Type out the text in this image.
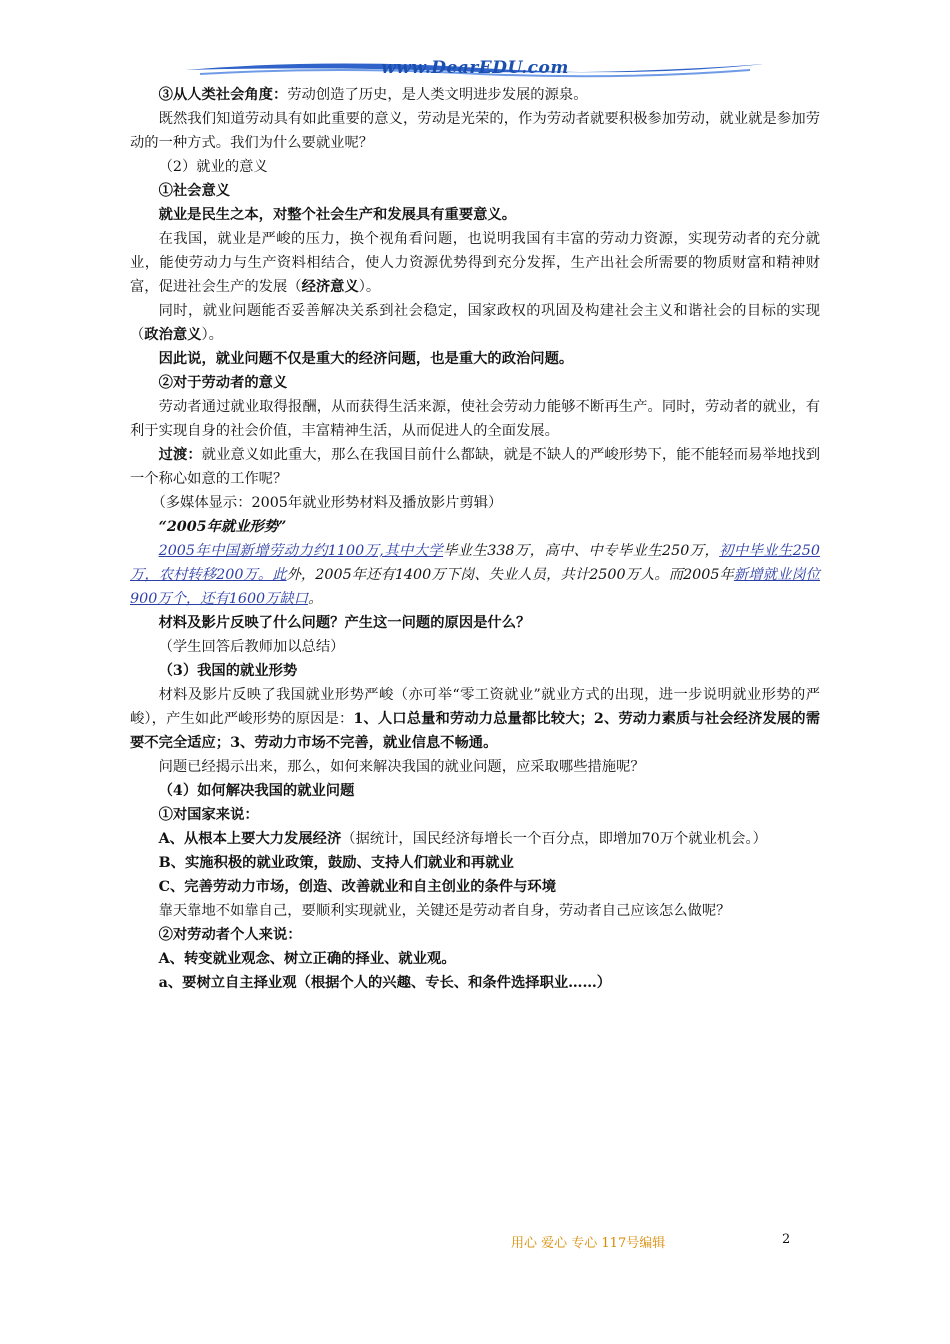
www.DearEDU.com

③从人类社会角度：劳动创造了历史，是人类文明进步发展的源泉。

既然我们知道劳动具有如此重要的意义，劳动是光荣的，作为劳动者就要积极参加劳动，就业就是参加劳动的一种方式。我们为什么要就业呢？

（2）就业的意义

①社会意义

就业是民生之本，对整个社会生产和发展具有重要意义。

在我国，就业是严峻的压力，换个视角看问题，也说明我国有丰富的劳动力资源，实现劳动者的充分就业，能使劳动力与生产资料相结合，使人力资源优势得到充分发挥，生产出社会所需要的物质财富和精神财富，促进社会生产的发展（经济意义）。

同时，就业问题能否妥善解决关系到社会稳定，国家政权的巩固及构建社会主义和谐社会的目标的实现（政治意义）。

因此说，就业问题不仅是重大的经济问题，也是重大的政治问题。

②对于劳动者的意义

劳动者通过就业取得报酬，从而获得生活来源，使社会劳动力能够不断再生产。同时，劳动者的就业，有利于实现自身的社会价值，丰富精神生活，从而促进人的全面发展。

过渡：就业意义如此重大，那么在我国目前什么都缺，就是不缺人的严峻形势下，能不能轻而易举地找到一个称心如意的工作呢？

（多媒体显示：2005年就业形势材料及播放影片剪辑）

“2005年就业形势”

2005年中国新增劳动力约1100万,其中大学毕业生338万，高中、中专毕业生250万，初中毕业生250万，农村转移200万。此外，2005年还有1400万下岗、失业人员，共计2500万人。而2005年新增就业岗位900万个，还有1600万缺口。

材料及影片反映了什么问题？产生这一问题的原因是什么？

（学生回答后教师加以总结）

（3）我国的就业形势

材料及影片反映了我国就业形势严峻（亦可举“零工资就业”就业方式的出现，进一步说明就业形势的严峻），产生如此严峻形势的原因是：1、人口总量和劳动力总量都比较大；2、劳动力素质与社会经济发展的需要不完全适应；3、劳动力市场不完善，就业信息不畅通。

问题已经揭示出来，那么，如何来解决我国的就业问题，应采取哪些措施呢？

（4）如何解决我国的就业问题

①对国家来说：

A、从根本上要大力发展经济（据统计，国民经济每增长一个百分点，即增加70万个就业机会。）

B、实施积极的就业政策，鼓励、支持人们就业和再就业

C、完善劳动力市场，创造、改善就业和自主创业的条件与环境

靠天靠地不如靠自己，要顺利实现就业，关键还是劳动者自身，劳动者自己应该怎么做呢？

②对劳动者个人来说：

A、转变就业观念、树立正确的择业、就业观。

a、要树立自主择业观（根据个人的兴趣、专长、和条件选择职业……）

用心 爱心 专心 117号编辑	2
